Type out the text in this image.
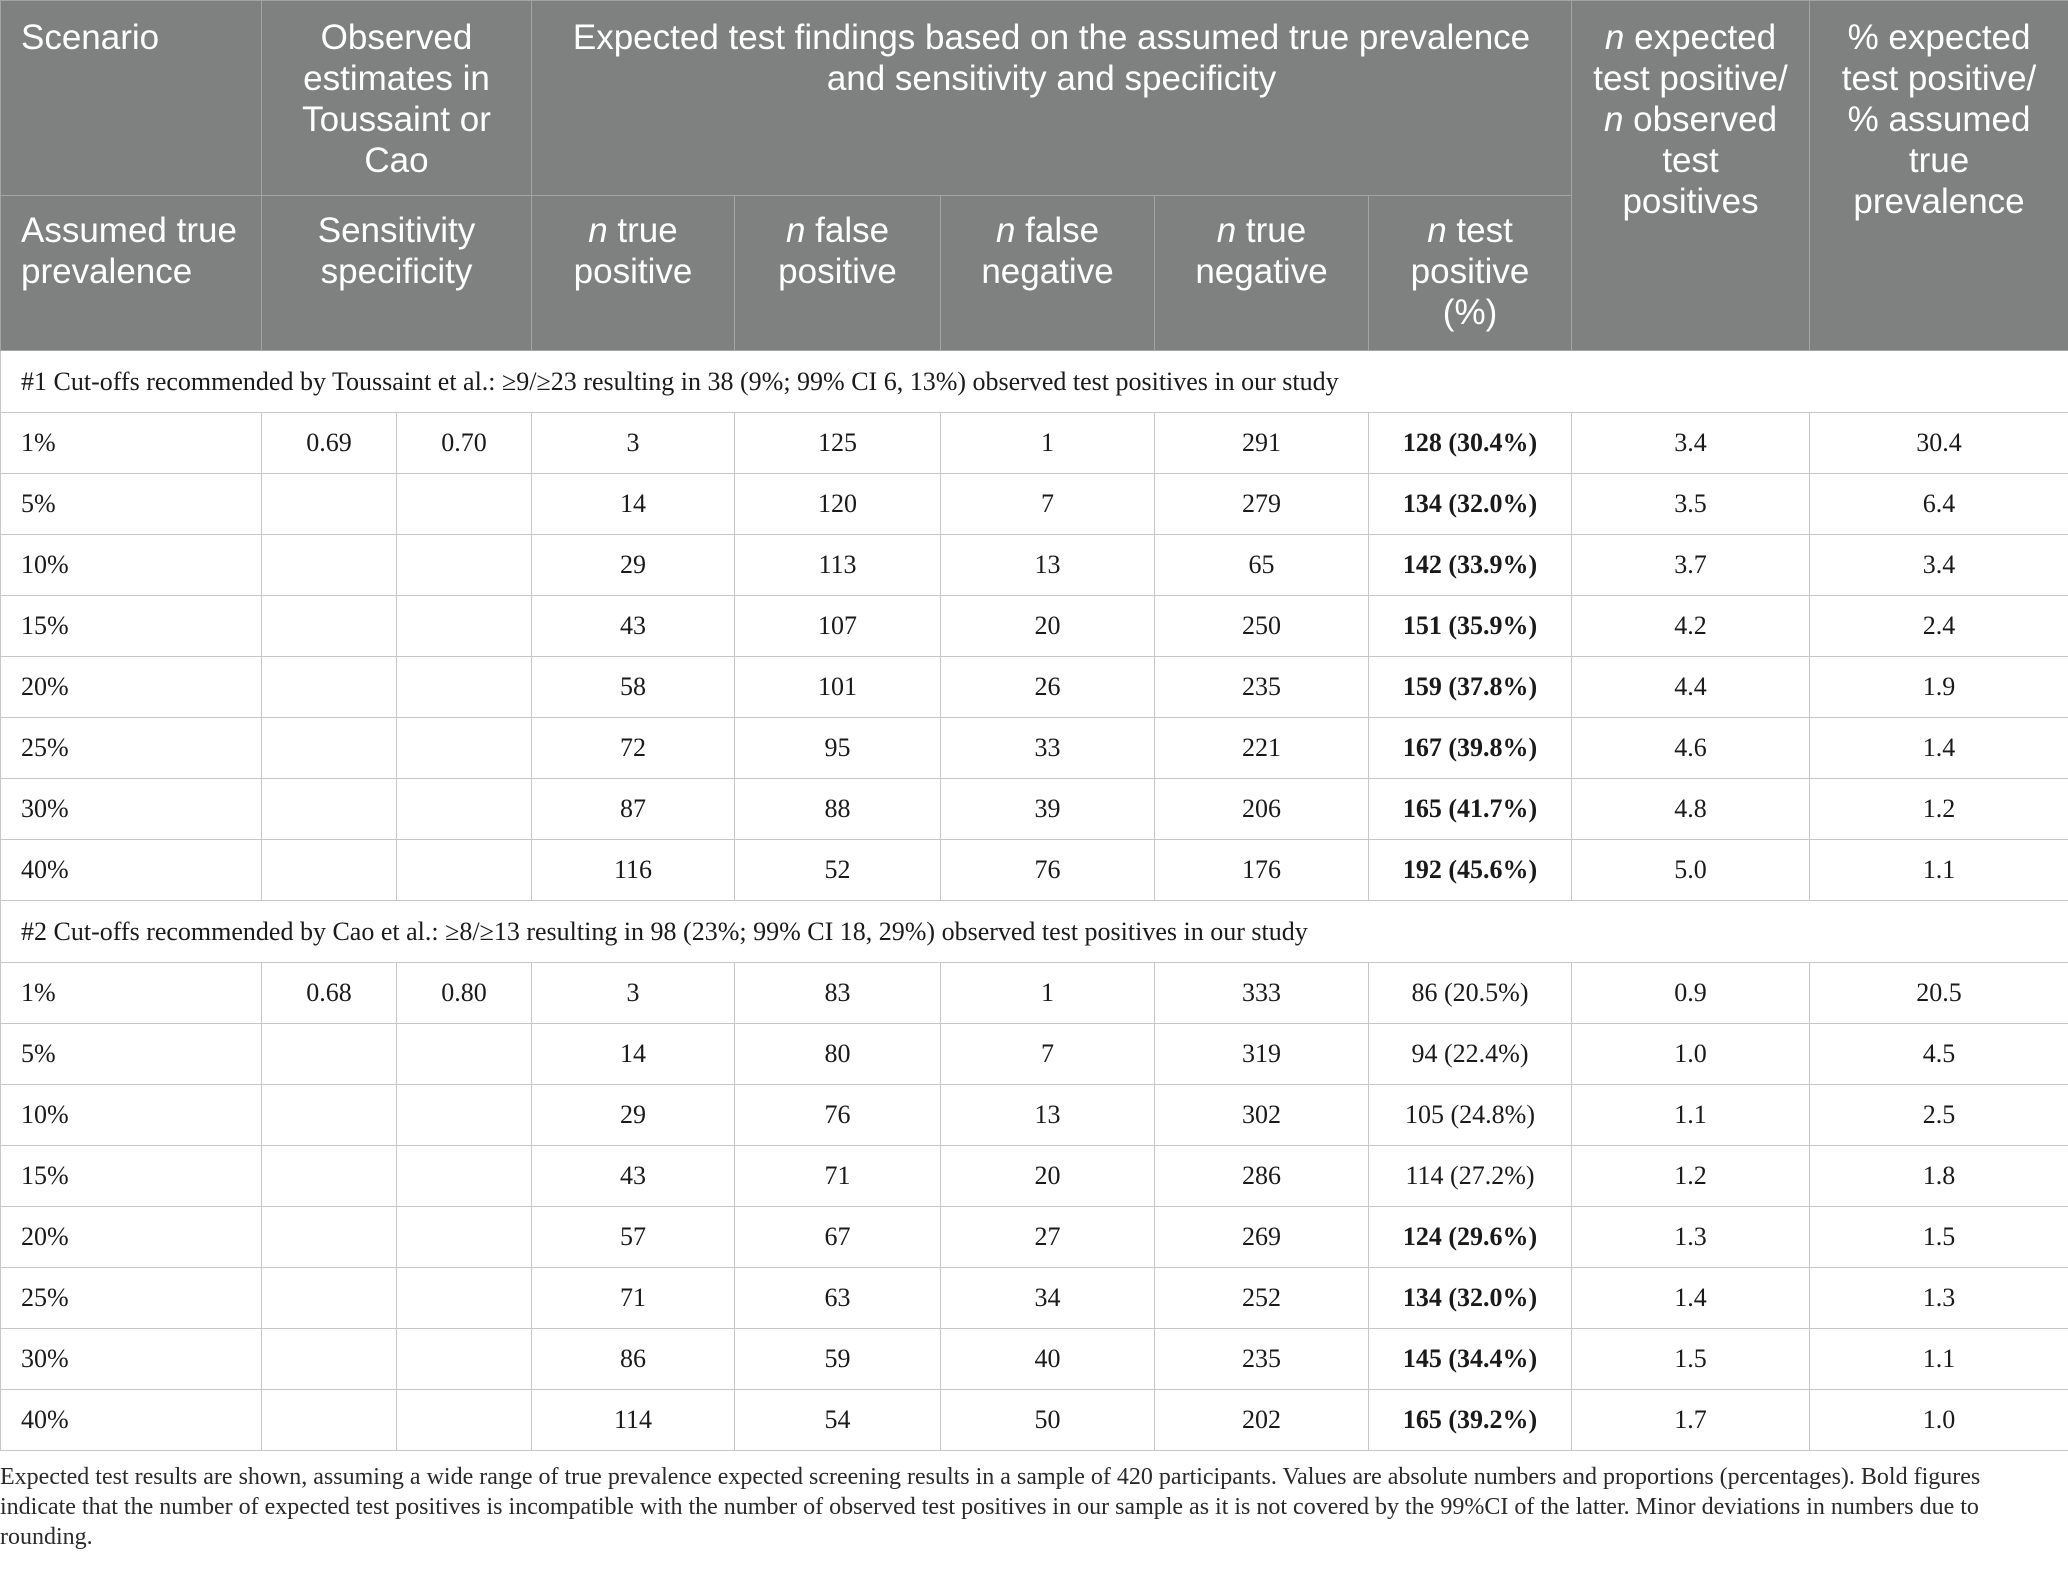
Scenario	Observed estimates in Toussaint or Cao		Expected test findings based on the assumed true prevalence and sensitivity and specificity					n expected test positive/ n observed test positives	% expected test positive/ % assumed true prevalence
Assumed true prevalence	Sensitivity specificity		n true positive	n false positive	n false negative	n true negative	n test positive (%)		
#1 Cut-offs recommended by Toussaint et al.: ≥9/≥23 resulting in 38 (9%; 99% CI 6, 13%) observed test positives in our study									
1%	0.69	0.70	3	125	1	291	128 (30.4%)	3.4	30.4
5%			14	120	7	279	134 (32.0%)	3.5	6.4
10%			29	113	13	65	142 (33.9%)	3.7	3.4
15%			43	107	20	250	151 (35.9%)	4.2	2.4
20%			58	101	26	235	159 (37.8%)	4.4	1.9
25%			72	95	33	221	167 (39.8%)	4.6	1.4
30%			87	88	39	206	165 (41.7%)	4.8	1.2
40%			116	52	76	176	192 (45.6%)	5.0	1.1
#2 Cut-offs recommended by Cao et al.: ≥8/≥13 resulting in 98 (23%; 99% CI 18, 29%) observed test positives in our study									
1%	0.68	0.80	3	83	1	333	86 (20.5%)	0.9	20.5
5%			14	80	7	319	94 (22.4%)	1.0	4.5
10%			29	76	13	302	105 (24.8%)	1.1	2.5
15%			43	71	20	286	114 (27.2%)	1.2	1.8
20%			57	67	27	269	124 (29.6%)	1.3	1.5
25%			71	63	34	252	134 (32.0%)	1.4	1.3
30%			86	59	40	235	145 (34.4%)	1.5	1.1
40%			114	54	50	202	165 (39.2%)	1.7	1.0

Expected test results are shown, assuming a wide range of true prevalence expected screening results in a sample of 420 participants. Values are absolute numbers and proportions (percentages). Bold figures indicate that the number of expected test positives is incompatible with the number of observed test positives in our sample as it is not covered by the 99%CI of the latter. Minor deviations in numbers due to rounding.
